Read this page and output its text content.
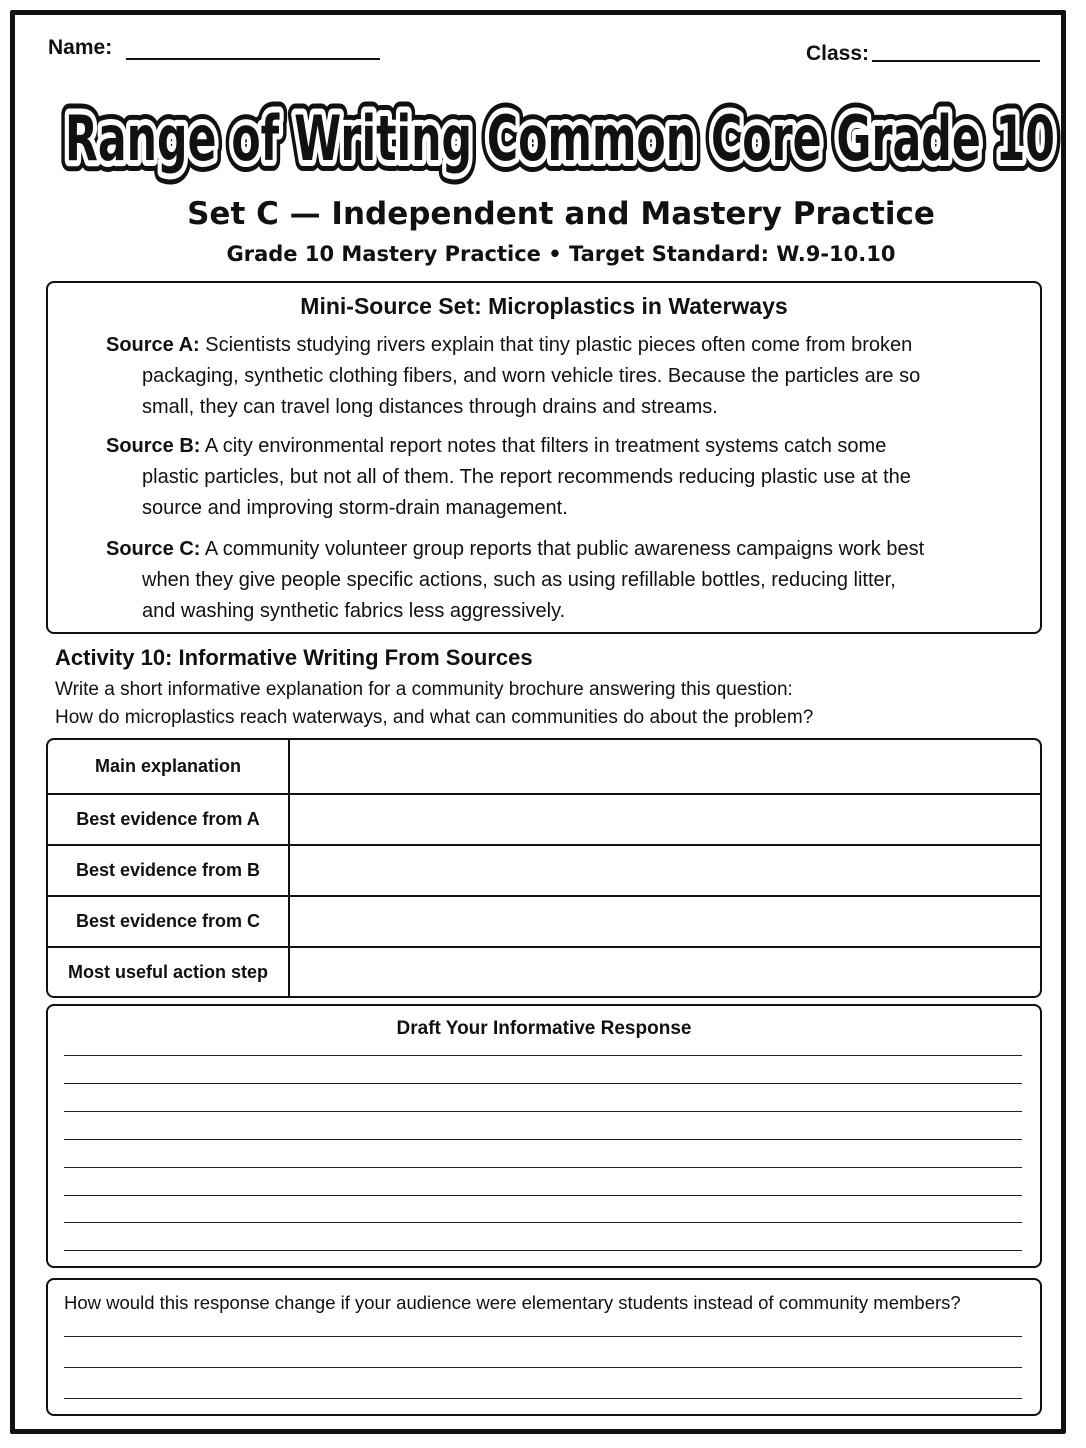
Name:	Class:
Range of Writing Common Core Grade 10
Range of Writing Common Core Grade 10
Range of Writing Common Core Grade 10
Set C — Independent and Mastery Practice
Grade 10 Mastery Practice • Target Standard: W.9-10.10
Mini-Source Set: Microplastics in Waterways
Source A: Scientists studying rivers explain that tiny plastic pieces often come from broken packaging, synthetic clothing fibers, and worn vehicle tires. Because the particles are so small, they can travel long distances through drains and streams.
Source B: A city environmental report notes that filters in treatment systems catch some plastic particles, but not all of them. The report recommends reducing plastic use at the source and improving storm-drain management.
Source C: A community volunteer group reports that public awareness campaigns work best when they give people specific actions, such as using refillable bottles, reducing litter, and washing synthetic fabrics less aggressively.
Activity 10: Informative Writing From Sources
Write a short informative explanation for a community brochure answering this question:
How do microplastics reach waterways, and what can communities do about the problem?
Main explanation	
Best evidence from A	
Best evidence from B	
Best evidence from C	
Most useful action step	
Draft Your Informative Response
How would this response change if your audience were elementary students instead of community members?
